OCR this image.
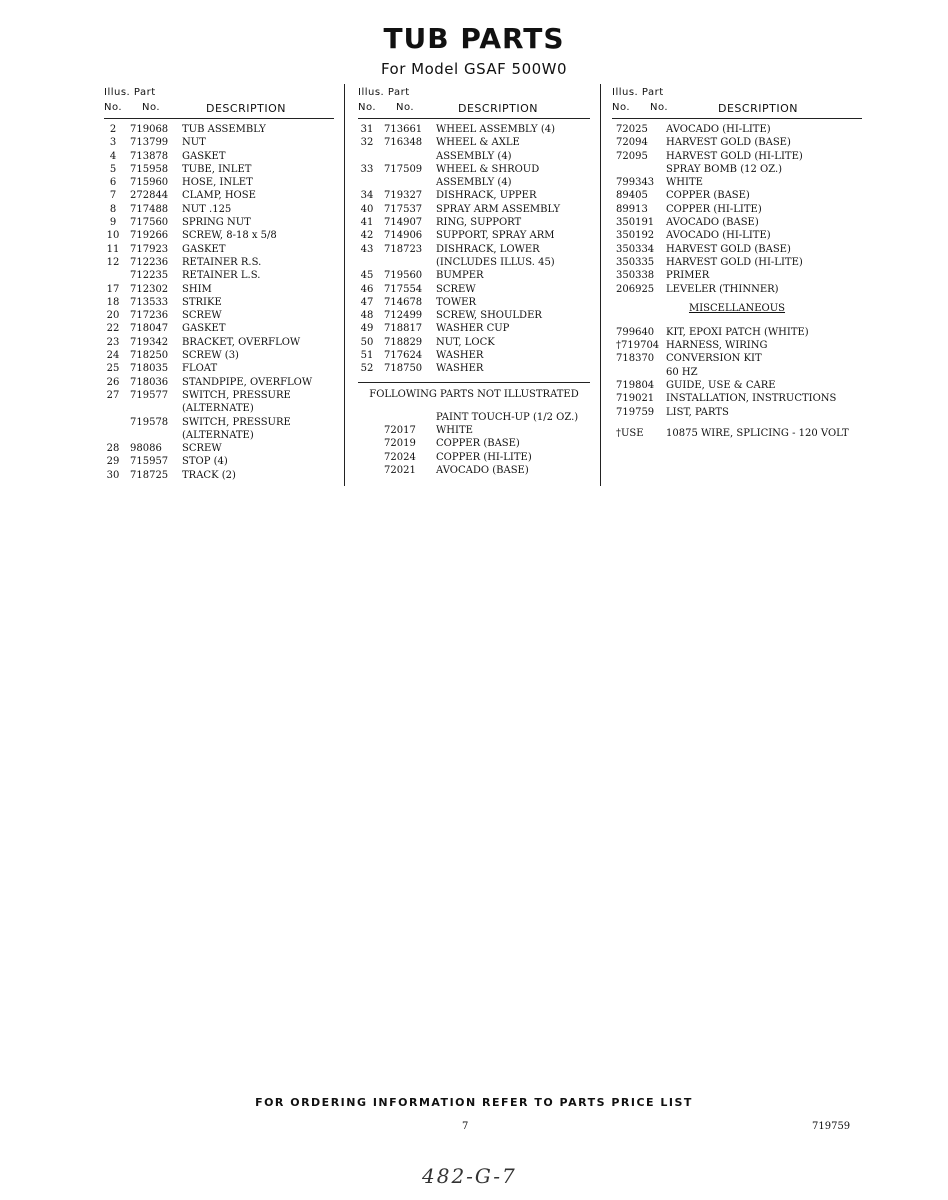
TUB PARTS
For Model GSAF 500W0
Illus. Part
No. No.	DESCRIPTION
2	719068 TUB ASSEMBLY
3	713799 NUT
4	713878 GASKET
5	715958 TUBE, INLET
6	715960 HOSE, INLET
7	272844 CLAMP, HOSE
8	717488 NUT .125
9	717560 SPRING NUT
10 719266 SCREW, 8-18 x 5/8
11 717923 GASKET
12 712236 RETAINER R.S.
712235 RETAINER L.S.
17 712302 SHIM
18 713533 STRIKE
20 717236 SCREW
22 718047 GASKET
23 719342 BRACKET, OVERFLOW
24 718250 SCREW (3)
25 718035 FLOAT
26 718036 STANDPIPE, OVERFLOW
27 719577 SWITCH, PRESSURE
(ALTERNATE)
719578 SWITCH, PRESSURE
(ALTERNATE)
28 98086 SCREW
29 715957 STOP (4)
30 718725 TRACK (2)
Illus. Part
No. No.	DESCRIPTION
31 713661 WHEEL ASSEMBLY (4)
32 716348 WHEEL & AXLE
ASSEMBLY (4)
33 717509 WHEEL & SHROUD
ASSEMBLY (4)
34 719327 DISHRACK, UPPER
40 717537 SPRAY ARM ASSEMBLY
41 714907 RING, SUPPORT
42 714906 SUPPORT, SPRAY ARM
43 718723 DISHRACK, LOWER
(INCLUDES ILLUS. 45)
45 719560 BUMPER
46 717554 SCREW
47 714678 TOWER
48 712499 SCREW, SHOULDER
49 718817 WASHER CUP
50 718829 NUT, LOCK
51 717624 WASHER
52 718750 WASHER
FOLLOWING PARTS NOT ILLUSTRATED
PAINT TOUCH-UP (1/2 OZ.)
72017 WHITE
72019 COPPER (BASE)
72024 COPPER (HI-LITE)
72021 AVOCADO (BASE)
Illus. Part
No. No.	DESCRIPTION
72025 AVOCADO (HI-LITE)
72094 HARVEST GOLD (BASE)
72095 HARVEST GOLD (HI-LITE)
SPRAY BOMB (12 OZ.)
799343 WHITE
89405 COPPER (BASE)
89913 COPPER (HI-LITE)
350191 AVOCADO (BASE)
350192 AVOCADO (HI-LITE)
350334 HARVEST GOLD (BASE)
350335 HARVEST GOLD (HI-LITE)
350338 PRIMER
206925 LEVELER (THINNER)
MISCELLANEOUS
799640 KIT, EPOXI PATCH (WHITE)
†719704 HARNESS, WIRING
718370 CONVERSION KIT
60 HZ
719804 GUIDE, USE & CARE
719021 INSTALLATION, INSTRUCTIONS
719759 LIST, PARTS
†USE 10875 WIRE, SPLICING - 120 VOLT
FOR ORDERING INFORMATION REFER TO PARTS PRICE LIST
7	719759
482-G-7
